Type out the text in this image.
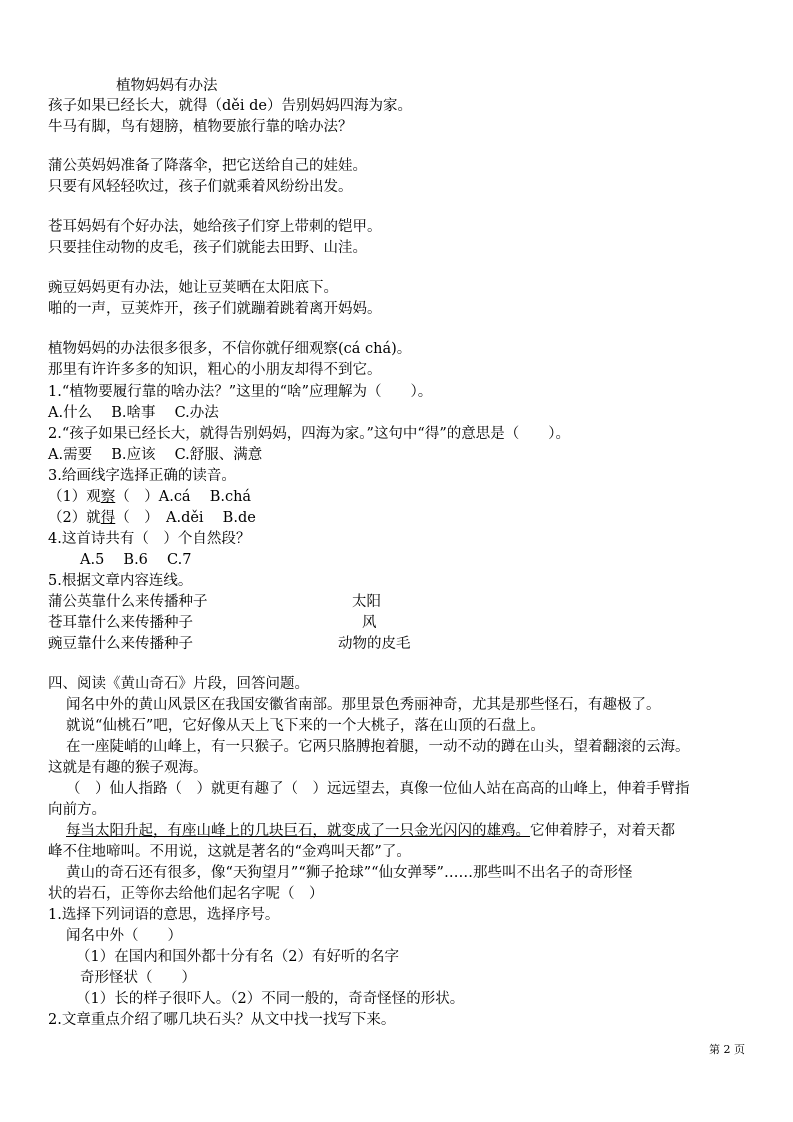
植物妈妈有办法
孩子如果已经长大，就得（děi de）告别妈妈四海为家。
牛马有脚，鸟有翅膀，植物要旅行靠的啥办法？
蒲公英妈妈准备了降落伞，把它送给自己的娃娃。
只要有风轻轻吹过，孩子们就乘着风纷纷出发。
苍耳妈妈有个好办法，她给孩子们穿上带刺的铠甲。
只要挂住动物的皮毛，孩子们就能去田野、山洼。
豌豆妈妈更有办法，她让豆荚晒在太阳底下。
啪的一声，豆荚炸开，孩子们就蹦着跳着离开妈妈。
植物妈妈的办法很多很多，不信你就仔细观察(cá chá)。
那里有许许多多的知识，粗心的小朋友却得不到它。
1.“植物要履行靠的啥办法？”这里的“啥”应理解为（　　）。
A.什么　 B.啥事　 C.办法
2.“孩子如果已经长大，就得告别妈妈，四海为家。”这句中“得”的意思是（　　）。
A.需要　 B.应该　 C.舒服、满意
3.给画线字选择正确的读音。
（1）观察（　）A.cá　 B.chá
（2）就得（　）　A.děi　 B.de
4.这首诗共有（　）个自然段？
A.5　 B.6　 C.7
5.根据文章内容连线。
蒲公英靠什么来传播种子	太阳
苍耳靠什么来传播种子	风
豌豆靠什么来传播种子	动物的皮毛
四、阅读《黄山奇石》片段，回答问题。
闻名中外的黄山风景区在我国安徽省南部。那里景色秀丽神奇，尤其是那些怪石，有趣极了。
就说“仙桃石”吧，它好像从天上飞下来的一个大桃子，落在山顶的石盘上。
在一座陡峭的山峰上，有一只猴子。它两只胳膊抱着腿，一动不动的蹲在山头，望着翻滚的云海。
这就是有趣的猴子观海。
（　）仙人指路（　）就更有趣了（　）远远望去，真像一位仙人站在高高的山峰上，伸着手臂指
向前方。
每当太阳升起，有座山峰上的几块巨石，就变成了一只金光闪闪的雄鸡。它伸着脖子，对着天都
峰不住地啼叫。不用说，这就是著名的“金鸡叫天都”了。
黄山的奇石还有很多，像“天狗望月”“狮子抢球”“仙女弹琴”……那些叫不出名子的奇形怪
状的岩石，正等你去给他们起名字呢（　）
1.选择下列词语的意思，选择序号。
闻名中外（　　）
（1）在国内和国外都十分有名（2）有好听的名字
奇形怪状（　　）
（1）长的样子很吓人。（2）不同一般的，奇奇怪怪的形状。
2.文章重点介绍了哪几块石头？从文中找一找写下来。
第 2 页
